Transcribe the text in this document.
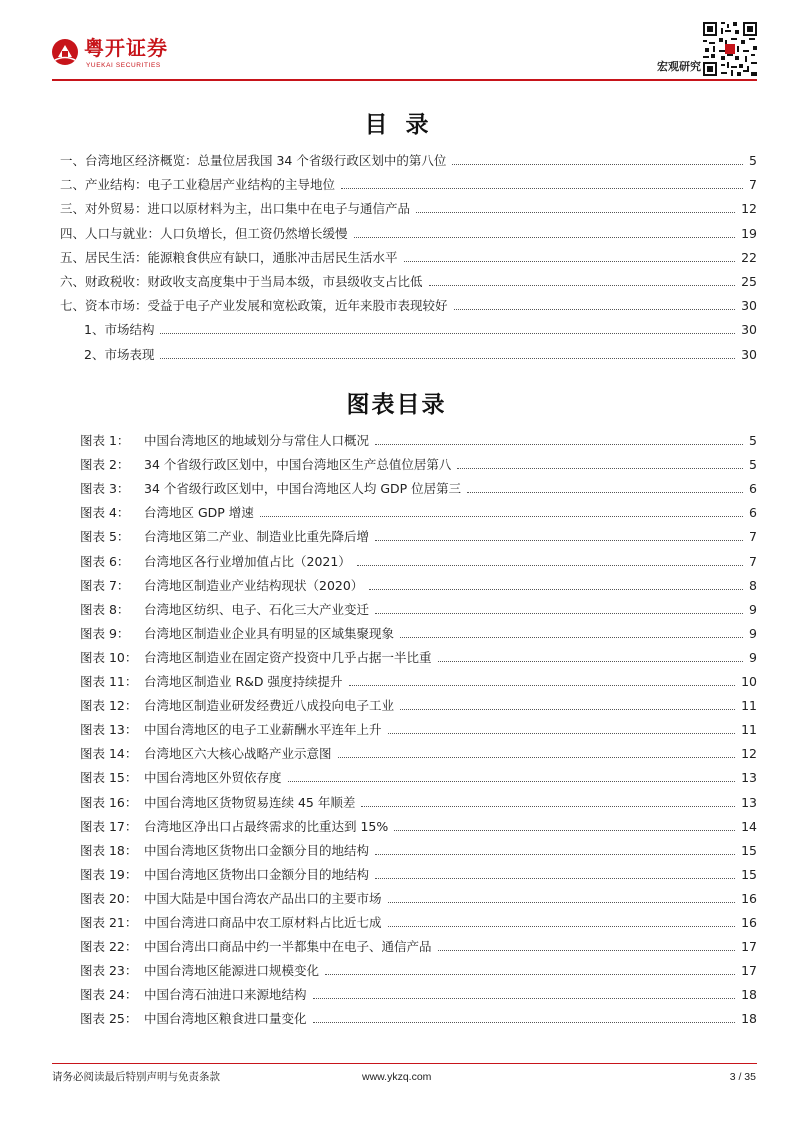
粤开证券
YUEKAI SECURITIES	宏观研究
目录
一、台湾地区经济概览：总量位居我国 34 个省级行政区划中的第八位	5
二、产业结构：电子工业稳居产业结构的主导地位	7
三、对外贸易：进口以原材料为主，出口集中在电子与通信产品	12
四、人口与就业：人口负增长，但工资仍然增长缓慢	19
五、居民生活：能源粮食供应有缺口，通胀冲击居民生活水平	22
六、财政税收：财政收支高度集中于当局本级，市县级收支占比低	25
七、资本市场：受益于电子产业发展和宽松政策，近年来股市表现较好	30
1、市场结构	30
2、市场表现	30
图表目录
图表 1： 中国台湾地区的地域划分与常住人口概况	5
图表 2： 34 个省级行政区划中，中国台湾地区生产总值位居第八	5
图表 3： 34 个省级行政区划中，中国台湾地区人均 GDP 位居第三	6
图表 4： 台湾地区 GDP 增速	6
图表 5： 台湾地区第二产业、制造业比重先降后增	7
图表 6： 台湾地区各行业增加值占比（2021）	7
图表 7： 台湾地区制造业产业结构现状（2020）	8
图表 8： 台湾地区纺织、电子、石化三大产业变迁	9
图表 9： 台湾地区制造业企业具有明显的区域集聚现象	9
图表 10： 台湾地区制造业在固定资产投资中几乎占据一半比重	9
图表 11： 台湾地区制造业 R&D 强度持续提升	10
图表 12： 台湾地区制造业研发经费近八成投向电子工业	11
图表 13： 中国台湾地区的电子工业薪酬水平连年上升	11
图表 14： 台湾地区六大核心战略产业示意图	12
图表 15： 中国台湾地区外贸依存度	13
图表 16： 中国台湾地区货物贸易连续 45 年顺差	13
图表 17： 台湾地区净出口占最终需求的比重达到 15%	14
图表 18： 中国台湾地区货物出口金额分目的地结构	15
图表 19： 中国台湾地区货物出口金额分目的地结构	15
图表 20： 中国大陆是中国台湾农产品出口的主要市场	16
图表 21： 中国台湾进口商品中农工原材料占比近七成	16
图表 22： 中国台湾出口商品中约一半都集中在电子、通信产品	17
图表 23： 中国台湾地区能源进口规模变化	17
图表 24： 中国台湾石油进口来源地结构	18
图表 25： 中国台湾地区粮食进口量变化	18
请务必阅读最后特别声明与免责条款	www.ykzq.com	3 / 35
